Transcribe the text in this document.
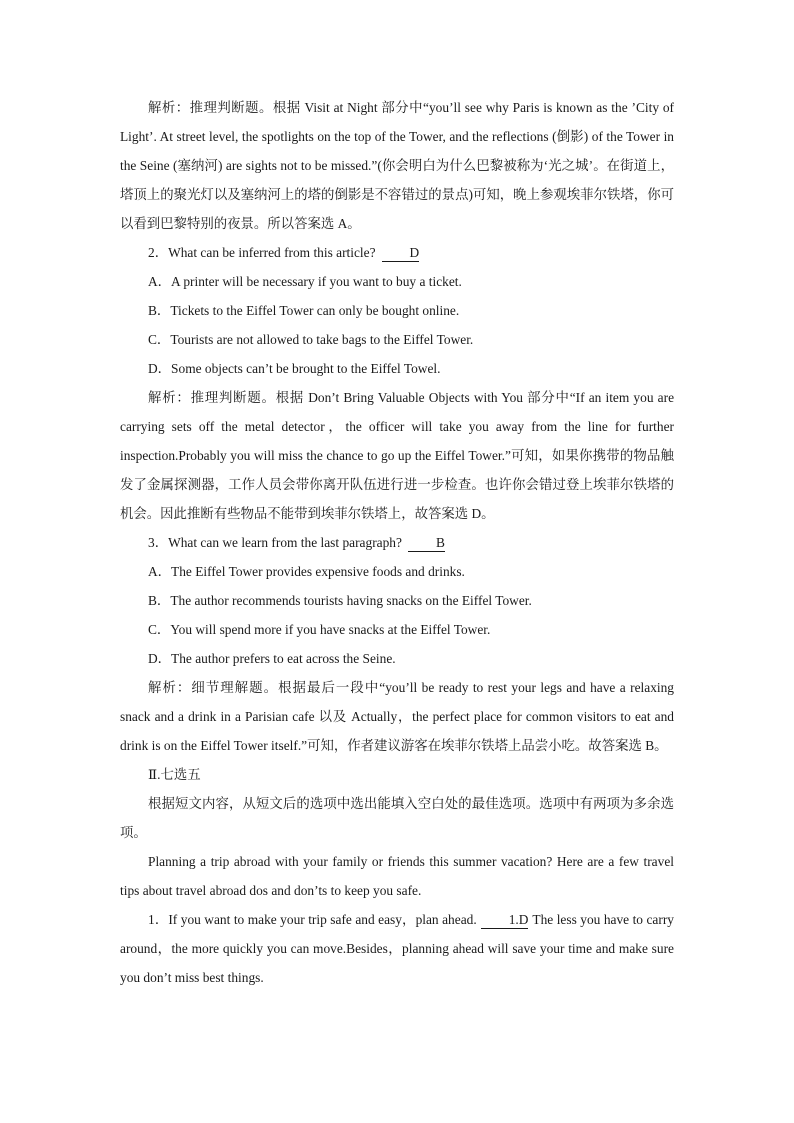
解析：推理判断题。根据 Visit at Night 部分中“you’ll see why Paris is known as the ’City of Light’. At street level, the spotlights on the top of the Tower, and the reflections (倒影) of the Tower in the Seine (塞纳河) are sights not to be missed.”(你会明白为什么巴黎被称为‘光之城’。在街道上，塔顶上的聚光灯以及塞纳河上的塔的倒影是不容错过的景点)可知，晚上参观埃菲尔铁塔，你可以看到巴黎特别的夜景。所以答案选 A。

2．What can be inferred from this article?	D

A．A printer will be necessary if you want to buy a ticket.

B．Tickets to the Eiffel Tower can only be bought online.

C．Tourists are not allowed to take bags to the Eiffel Tower.

D．Some objects can’t be brought to the Eiffel Towel.

解析：推理判断题。根据 Don’t Bring Valuable Objects with You 部分中“If an item you are carrying sets off the metal detector，the officer will take you away from the line for further inspection.Probably you will miss the chance to go up the Eiffel Tower.”可知，如果你携带的物品触发了金属探测器，工作人员会带你离开队伍进行进一步检查。也许你会错过登上埃菲尔铁塔的机会。因此推断有些物品不能带到埃菲尔铁塔上，故答案选 D。

3．What can we learn from the last paragraph?	B

A．The Eiffel Tower provides expensive foods and drinks.

B．The author recommends tourists having snacks on the Eiffel Tower.

C．You will spend more if you have snacks at the Eiffel Tower.

D．The author prefers to eat across the Seine.

解析：细节理解题。根据最后一段中“you’ll be ready to rest your legs and have a relaxing snack and a drink in a Parisian cafe 以及 Actually，the perfect place for common visitors to eat and drink is on the Eiffel Tower itself.”可知，作者建议游客在埃菲尔铁塔上品尝小吃。故答案选 B。

Ⅱ.七选五

根据短文内容，从短文后的选项中选出能填入空白处的最佳选项。选项中有两项为多余选项。

Planning a trip abroad with your family or friends this summer vacation? Here are a few travel tips about travel abroad dos and don’ts to keep you safe.

1．If you want to make your trip safe and easy，plan ahead. 1.D The less you have to carry around，the more quickly you can move.Besides，planning ahead will save your time and make sure you don’t miss best things.
